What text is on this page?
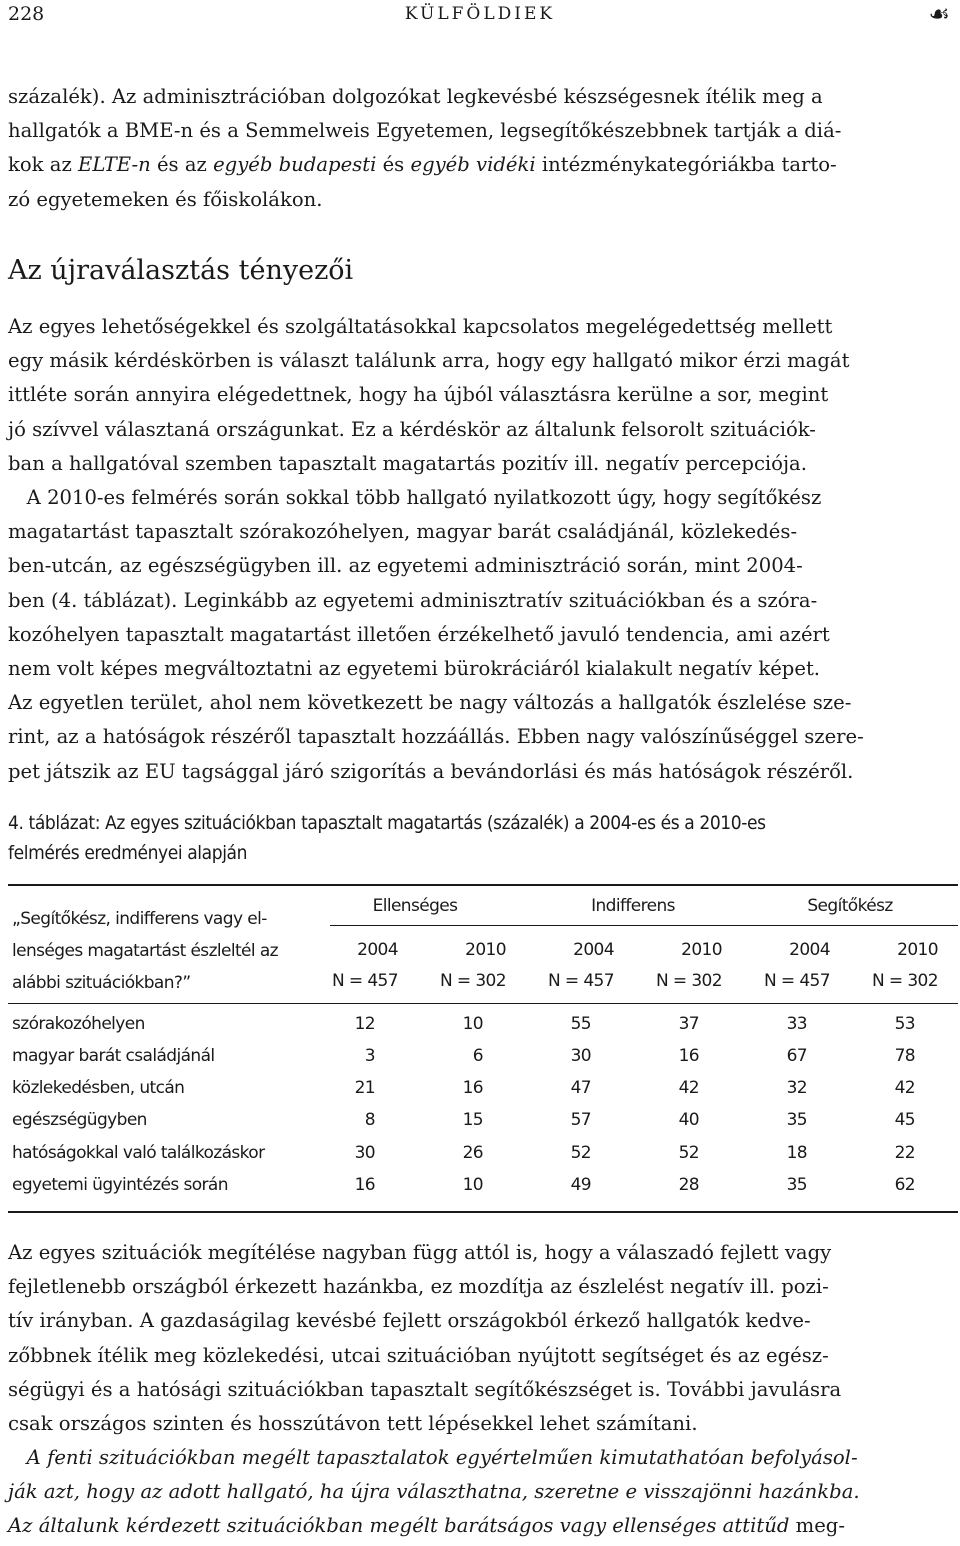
228	KÜLFÖLDIEK	☙
százalék). Az adminisztrációban dolgozókat legkevésbé készségesnek ítélik meg a
hallgatók a BME-n és a Semmelweis Egyetemen, legsegítőkészebbnek tartják a diá-
kok az ELTE-n és az egyéb budapesti és egyéb vidéki intézménykategóriákba tarto-
zó egyetemeken és főiskolákon.
Az újraválasztás tényezői
Az egyes lehetőségekkel és szolgáltatásokkal kapcsolatos megelégedettség mellett
egy másik kérdéskörben is választ találunk arra, hogy egy hallgató mikor érzi magát
ittléte során annyira elégedettnek, hogy ha újból választásra kerülne a sor, megint
jó szívvel választaná országunkat. Ez a kérdéskör az általunk felsorolt szituációk-
ban a hallgatóval szemben tapasztalt magatartás pozitív ill. negatív percepciója.
A 2010-es felmérés során sokkal több hallgató nyilatkozott úgy, hogy segítőkész
magatartást tapasztalt szórakozóhelyen, magyar barát családjánál, közlekedés-
ben-utcán, az egészségügyben ill. az egyetemi adminisztráció során, mint 2004-
ben (4. táblázat). Leginkább az egyetemi adminisztratív szituációkban és a szóra-
kozóhelyen tapasztalt magatartást illetően érzékelhető javuló tendencia, ami azért
nem volt képes megváltoztatni az egyetemi bürokráciáról kialakult negatív képet.
Az egyetlen terület, ahol nem következett be nagy változás a hallgatók észlelése sze-
rint, az a hatóságok részéről tapasztalt hozzáállás. Ebben nagy valószínűséggel szere-
pet játszik az EU tagsággal járó szigorítás a bevándorlási és más hatóságok részéről.
4. táblázat: Az egyes szituációkban tapasztalt magatartás (százalék) a 2004-es és a 2010-es
felmérés eredményei alapján
„Segítőkész, indifferens vagy el-
lenséges magatartást észleltél az
alábbi szituációkban?”
Ellenséges	Indifferens	Segítőkész
2004	2010	2004	2010	2004	2010
N = 457	N = 302	N = 457	N = 302	N = 457	N = 302
szórakozóhelyen	12	10	55	37	33	53
magyar barát családjánál	3	6	30	16	67	78
közlekedésben, utcán	21	16	47	42	32	42
egészségügyben	8	15	57	40	35	45
hatóságokkal való találkozáskor	30	26	52	52	18	22
egyetemi ügyintézés során	16	10	49	28	35	62
Az egyes szituációk megítélése nagyban függ attól is, hogy a válaszadó fejlett vagy
fejletlenebb országból érkezett hazánkba, ez mozdítja az észlelést negatív ill. pozi-
tív irányban. A gazdaságilag kevésbé fejlett országokból érkező hallgatók kedve-
zőbbnek ítélik meg közlekedési, utcai szituációban nyújtott segítséget és az egész-
ségügyi és a hatósági szituációkban tapasztalt segítőkészséget is. További javulásra
csak országos szinten és hosszútávon tett lépésekkel lehet számítani.
A fenti szituációkban megélt tapasztalatok egyértelműen kimutathatóan befolyásol-
ják azt, hogy az adott hallgató, ha újra választhatna, szeretne e visszajönni hazánkba.
Az általunk kérdezett szituációkban megélt barátságos vagy ellenséges attitűd meg-
